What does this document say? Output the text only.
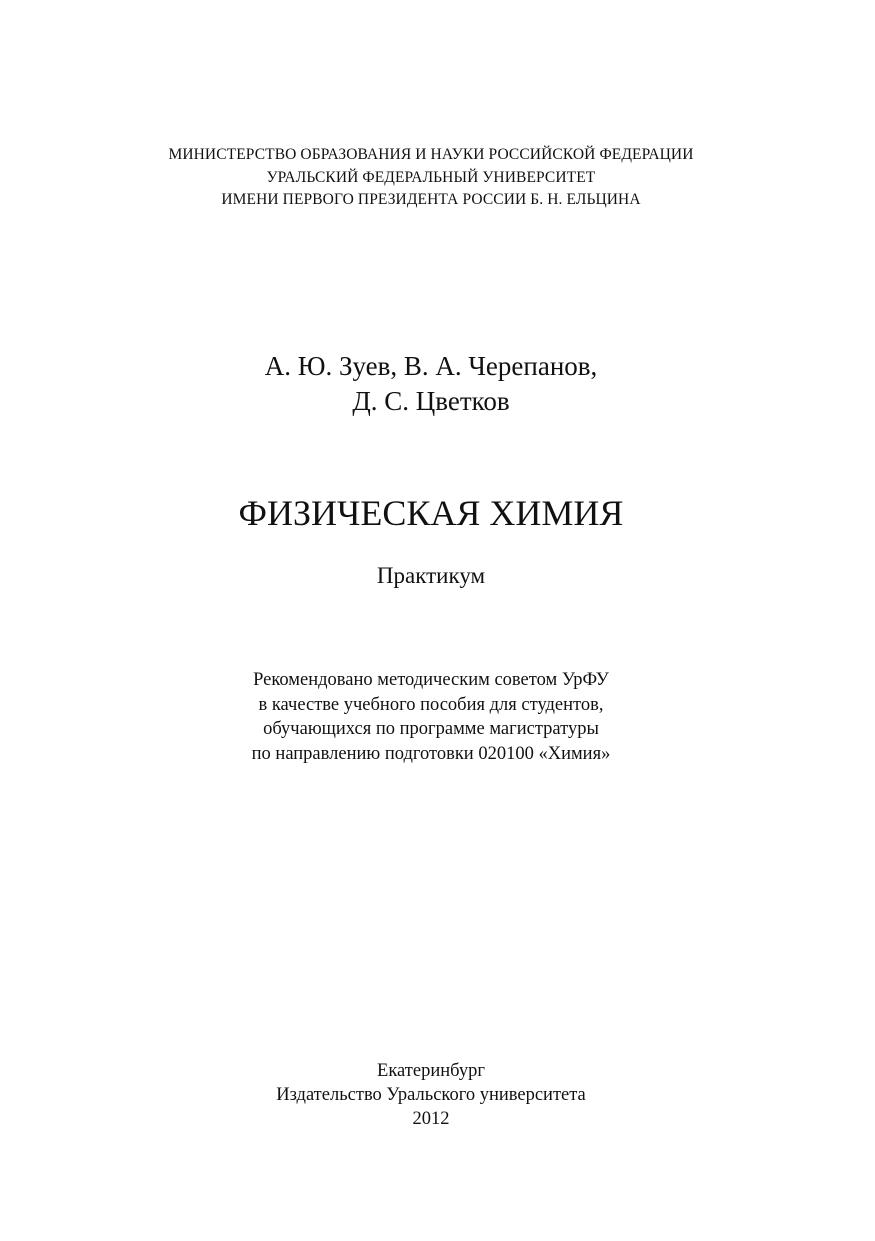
МИНИСТЕРСТВО ОБРАЗОВАНИЯ И НАУКИ РОССИЙСКОЙ ФЕДЕРАЦИИ
УРАЛЬСКИЙ ФЕДЕРАЛЬНЫЙ УНИВЕРСИТЕТ
ИМЕНИ ПЕРВОГО ПРЕЗИДЕНТА РОССИИ Б. Н. ЕЛЬЦИНА
А. Ю. Зуев, В. А. Черепанов,
Д. С. Цветков
ФИЗИЧЕСКАЯ ХИМИЯ
Практикум
Рекомендовано методическим советом УрФУ
в качестве учебного пособия для студентов,
обучающихся по программе магистратуры
по направлению подготовки 020100 «Химия»
Екатеринбург
Издательство Уральского университета
2012
